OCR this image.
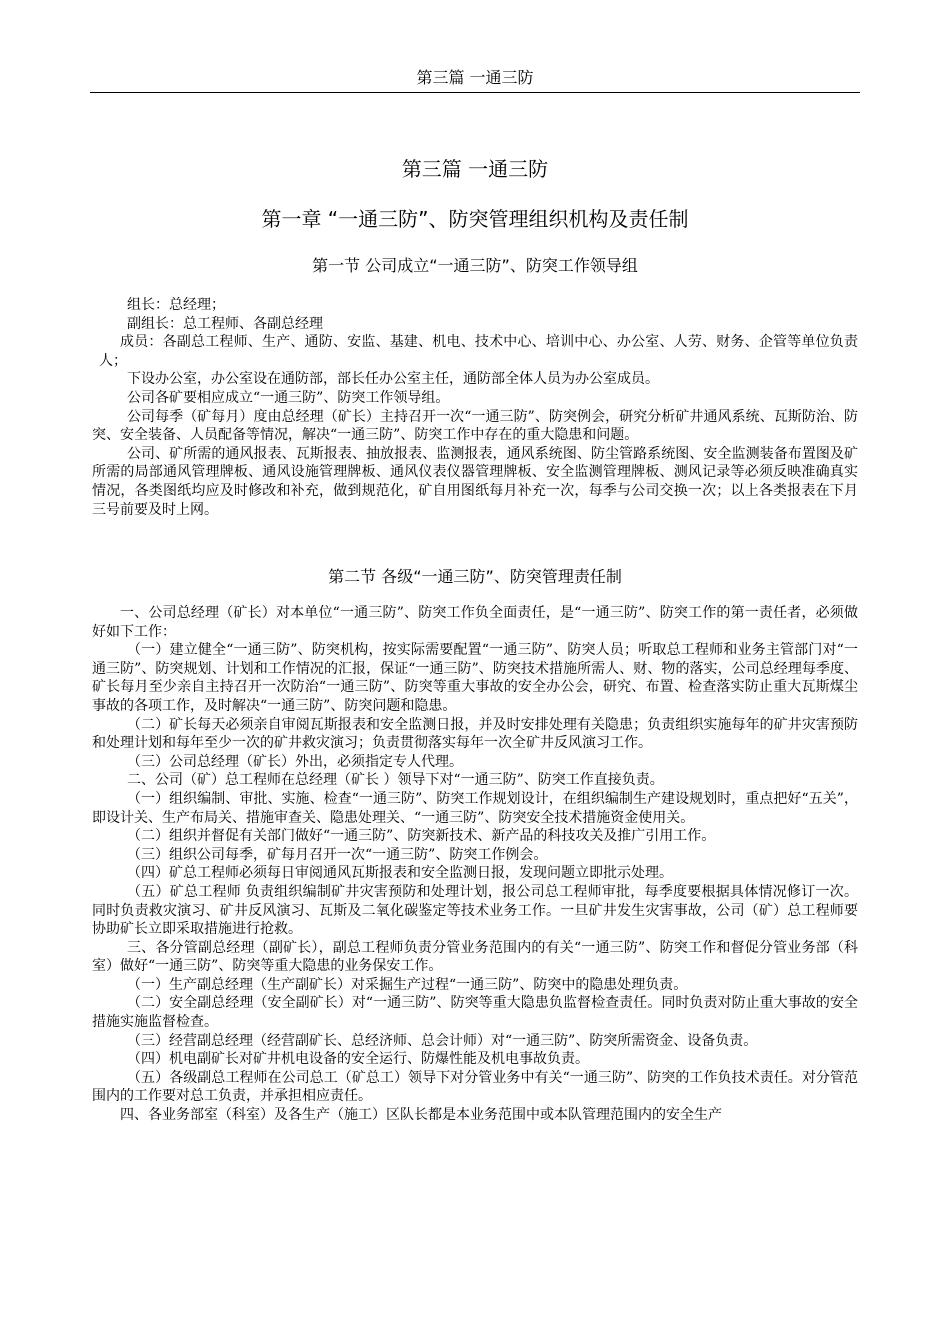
第三篇 一通三防
第三篇 一通三防
第一章 “一通三防”、防突管理组织机构及责任制
第一节 公司成立“一通三防”、防突工作领导组

组长：总经理；

副组长：总工程师、各副总经理

成员：各副总工程师、生产、通防、安监、基建、机电、技术中心、培训中心、办公室、人劳、财务、企管等单位负责人；

下设办公室，办公室设在通防部，部长任办公室主任，通防部全体人员为办公室成员。

公司各矿要相应成立“一通三防”、防突工作领导组。

公司每季（矿每月）度由总经理（矿长）主持召开一次“一通三防”、防突例会，研究分析矿井通风系统、瓦斯防治、防突、安全装备、人员配备等情况，解决“一通三防”、防突工作中存在的重大隐患和问题。

公司、矿所需的通风报表、瓦斯报表、抽放报表、监测报表，通风系统图、防尘管路系统图、安全监测装备布置图及矿所需的局部通风管理牌板、通风设施管理牌板、通风仪表仪器管理牌板、安全监测管理牌板、测风记录等必须反映准确真实情况，各类图纸均应及时修改和补充，做到规范化，矿自用图纸每月补充一次，每季与公司交换一次；以上各类报表在下月三号前要及时上网。

第二节 各级“一通三防”、防突管理责任制

一、公司总经理（矿长）对本单位“一通三防”、防突工作负全面责任，是“一通三防”、防突工作的第一责任者，必须做好如下工作：

（一）建立健全“一通三防”、防突机构，按实际需要配置“一通三防”、防突人员；听取总工程师和业务主管部门对“一通三防”、防突规划、计划和工作情况的汇报，保证“一通三防”、防突技术措施所需人、财、物的落实，公司总经理每季度、矿长每月至少亲自主持召开一次防治“一通三防”、防突等重大事故的安全办公会，研究、布置、检查落实防止重大瓦斯煤尘事故的各项工作，及时解决“一通三防”、防突问题和隐患。

（二）矿长每天必须亲自审阅瓦斯报表和安全监测日报，并及时安排处理有关隐患；负责组织实施每年的矿井灾害预防和处理计划和每年至少一次的矿井救灾演习；负责贯彻落实每年一次全矿井反风演习工作。

（三）公司总经理（矿长）外出，必须指定专人代理。

二、公司（矿）总工程师在总经理（矿长 ）领导下对“一通三防”、防突工作直接负责。

（一）组织编制、审批、实施、检查“一通三防”、防突工作规划设计，在组织编制生产建设规划时，重点把好“五关”，即设计关、生产布局关、措施审查关、隐患处理关、“一通三防”、防突安全技术措施资金使用关。

（二）组织并督促有关部门做好“一通三防”、防突新技术、新产品的科技攻关及推广引用工作。

（三）组织公司每季，矿每月召开一次“一通三防”、防突工作例会。

（四）矿总工程师必须每日审阅通风瓦斯报表和安全监测日报，发现问题立即批示处理。

（五）矿总工程师 负责组织编制矿井灾害预防和处理计划，报公司总工程师审批，每季度要根据具体情况修订一次。同时负责救灾演习、矿井反风演习、瓦斯及二氧化碳鉴定等技术业务工作。一旦矿井发生灾害事故，公司（矿）总工程师要协助矿长立即采取措施进行抢救。

三、各分管副总经理（副矿长），副总工程师负责分管业务范围内的有关“一通三防”、防突工作和督促分管业务部（科室）做好“一通三防”、防突等重大隐患的业务保安工作。

（一）生产副总经理（生产副矿长）对采掘生产过程“一通三防”、防突中的隐患处理负责。

（二）安全副总经理（安全副矿长）对“一通三防”、防突等重大隐患负监督检查责任。同时负责对防止重大事故的安全措施实施监督检查。

（三）经营副总经理（经营副矿长、总经济师、总会计师）对“一通三防”、防突所需资金、设备负责。

（四）机电副矿长对矿井机电设备的安全运行、防爆性能及机电事故负责。

（五）各级副总工程师在公司总工（矿总工）领导下对分管业务中有关“一通三防”、防突的工作负技术责任。对分管范围内的工作要对总工负责，并承担相应责任。

四、各业务部室（科室）及各生产（施工）区队长都是本业务范围中或本队管理范围内的安全生产
